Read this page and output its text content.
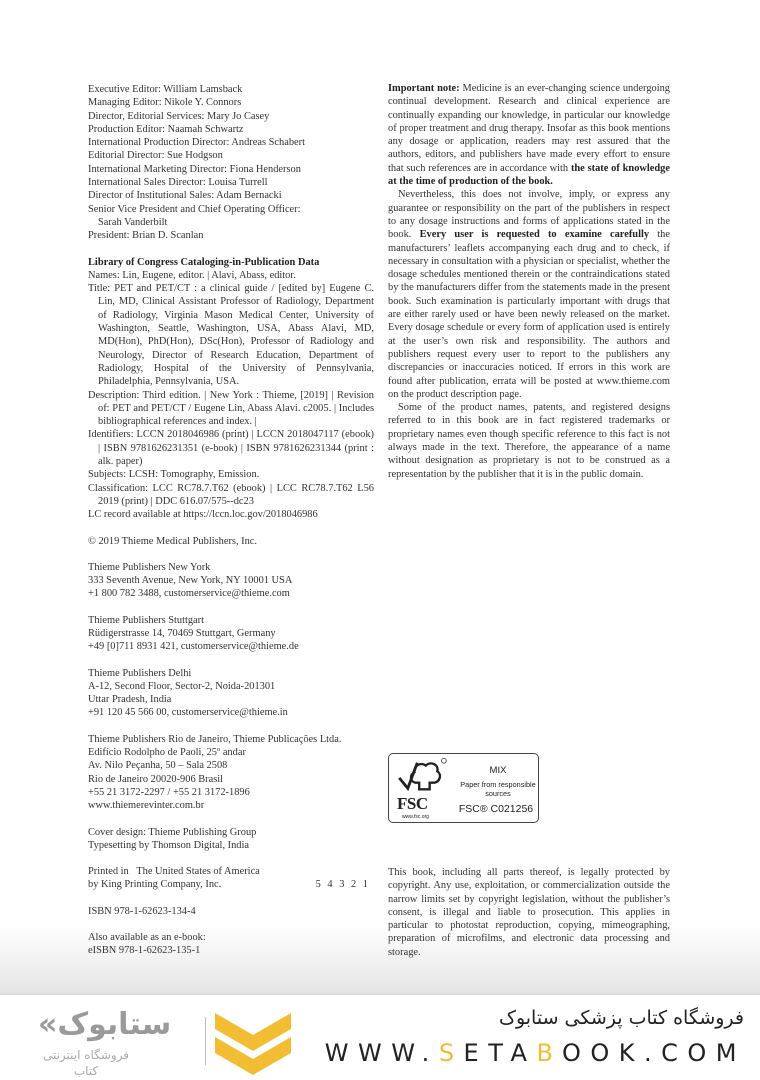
Executive Editor: William Lamsback
Managing Editor: Nikole Y. Connors
Director, Editorial Services: Mary Jo Casey
Production Editor: Naamah Schwartz
International Production Director: Andreas Schabert
Editorial Director: Sue Hodgson
International Marketing Director: Fiona Henderson
International Sales Director: Louisa Turrell
Director of Institutional Sales: Adam Bernacki
Senior Vice President and Chief Operating Officer:
Sarah Vanderbilt
President: Brian D. Scanlan
Library of Congress Cataloging-in-Publication Data
Names: Lin, Eugene, editor. | Alavi, Abass, editor.
Title: PET and PET/CT : a clinical guide / [edited by] Eugene C. Lin, MD, Clinical Assistant Professor of Radiology, Department of Radiology, Virginia Mason Medical Center, University of Washington, Seattle, Washington, USA, Abass Alavi, MD, MD(Hon), PhD(Hon), DSc(Hon), Professor of Radiology and Neurology, Director of Research Education, Department of Radiology, Hospital of the University of Pennsylvania, Philadelphia, Pennsylvania, USA.
Description: Third edition. | New York : Thieme, [2019] | Revision of: PET and PET/CT / Eugene Lin, Abass Alavi. c2005. | Includes bibliographical references and index. |
Identifiers: LCCN 2018046986 (print) | LCCN 2018047117 (ebook) | ISBN 9781626231351 (e-book) | ISBN 9781626231344 (print : alk. paper)
Subjects: LCSH: Tomography, Emission.
Classification: LCC RC78.7.T62 (ebook) | LCC RC78.7.T62 L56 2019 (print) | DDC 616.07/575--dc23
LC record available at https://lccn.loc.gov/2018046986
© 2019 Thieme Medical Publishers, Inc.
Thieme Publishers New York
333 Seventh Avenue, New York, NY 10001 USA
+1 800 782 3488, customerservice@thieme.com
Thieme Publishers Stuttgart
Rüdigerstrasse 14, 70469 Stuttgart, Germany
+49 [0]711 8931 421, customerservice@thieme.de
Thieme Publishers Delhi
A-12, Second Floor, Sector-2, Noida-201301
Uttar Pradesh, India
+91 120 45 566 00, customerservice@thieme.in
Thieme Publishers Rio de Janeiro, Thieme Publicações Ltda.
Edifício Rodolpho de Paoli, 25º andar
Av. Nilo Peçanha, 50 – Sala 2508
Rio de Janeiro 20020-906 Brasil
+55 21 3172-2297 / +55 21 3172-1896
www.thiemerevinter.com.br
Cover design: Thieme Publishing Group
Typesetting by Thomson Digital, India
Printed in   The United States of America
by King Printing Company, Inc.	5 4 3 2 1
ISBN 978-1-62623-134-4
Also available as an e-book:
eISBN 978-1-62623-135-1

Important note: Medicine is an ever-changing science undergoing continual development. Research and clinical experience are continually expanding our knowledge, in particular our knowledge of proper treatment and drug therapy. Insofar as this book mentions any dosage or application, readers may rest assured that the authors, editors, and publishers have made every effort to ensure that such references are in accordance with the state of knowledge at the time of production of the book.

Nevertheless, this does not involve, imply, or express any guarantee or responsibility on the part of the publishers in respect to any dosage instructions and forms of applications stated in the book. Every user is requested to examine carefully the manufacturers’ leaflets accompanying each drug and to check, if necessary in consultation with a physician or specialist, whether the dosage schedules mentioned therein or the contraindications stated by the manufacturers differ from the statements made in the present book. Such examination is particularly important with drugs that are either rarely used or have been newly released on the market. Every dosage schedule or every form of application used is entirely at the user’s own risk and responsibility. The authors and publishers request every user to report to the publishers any discrepancies or inaccuracies noticed. If errors in this work are found after publication, errata will be posted at www.thieme.com on the product description page.

Some of the product names, patents, and registered designs referred to in this book are in fact registered trademarks or proprietary names even though specific reference to this fact is not always made in the text. Therefore, the appearance of a name without designation as proprietary is not to be construed as a representation by the publisher that it is in the public domain.

FSC
www.fsc.org
MIX
Paper from responsible sources
FSC® C021256
This book, including all parts thereof, is legally protected by copyright. Any use, exploitation, or commercialization outside the narrow limits set by copyright legislation, without the publisher’s consent, is illegal and liable to prosecution. This applies in particular to photostat reproduction, copying, mimeographing, preparation of microfilms, and electronic data processing and storage.
«ستابوک
فروشگاه اینترنتی کتاب
فروشگاه کتاب پزشکی ستابوک
WWW.SETABOOK.COM
